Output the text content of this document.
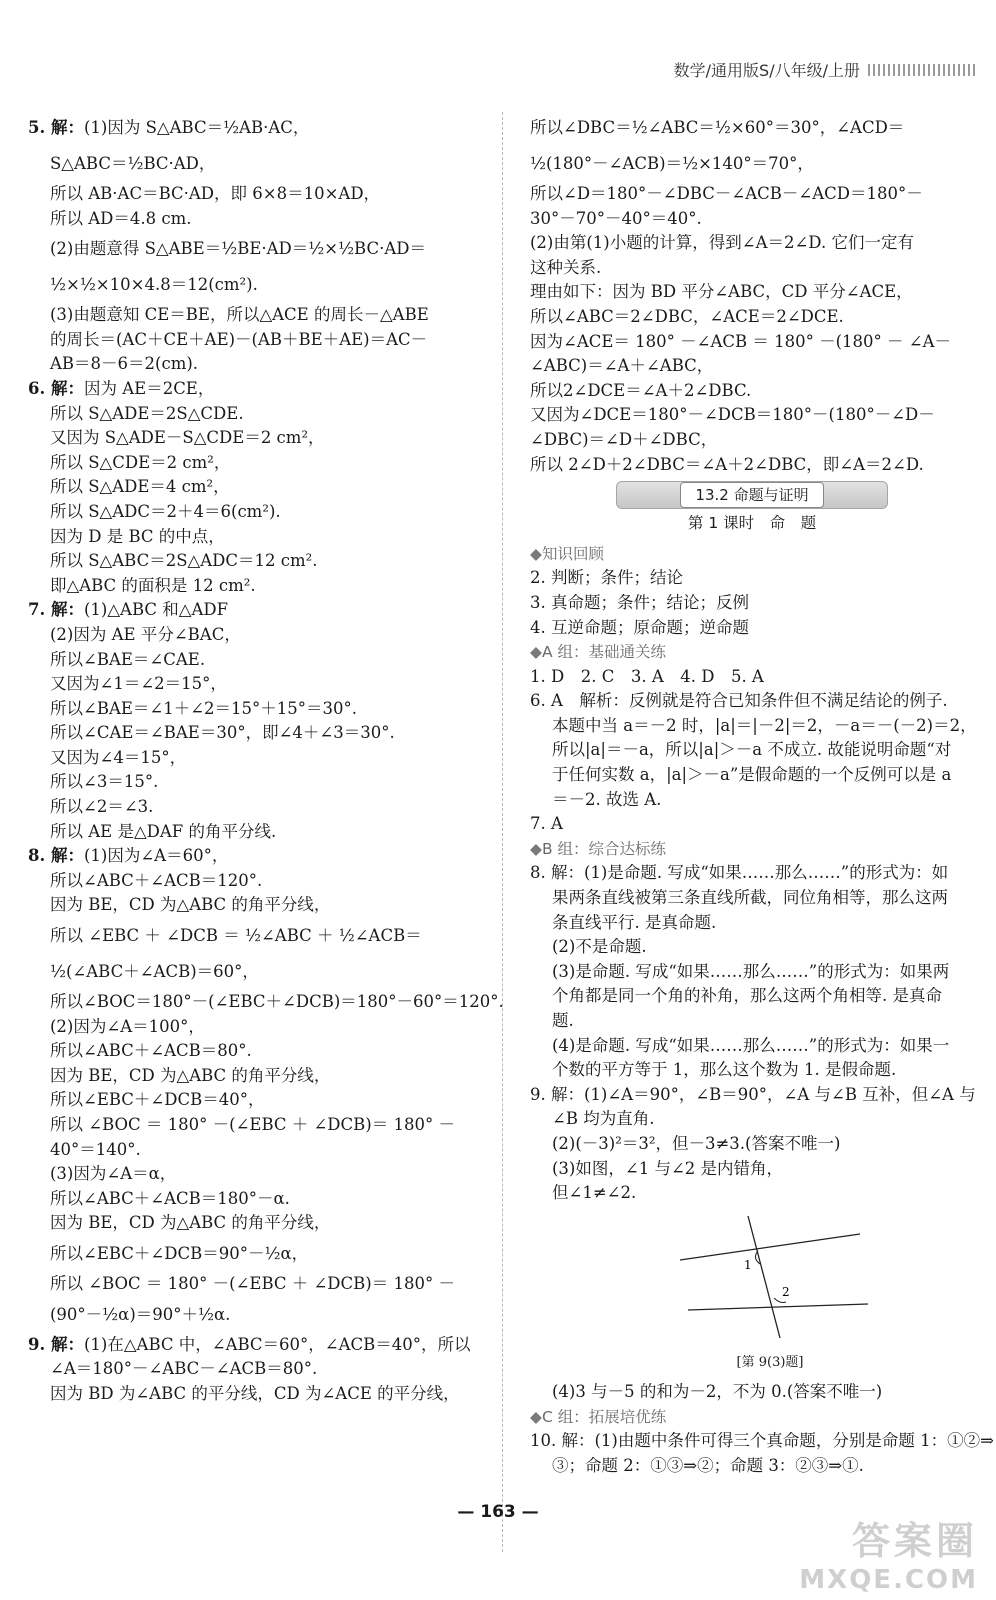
数学/通用版S/八年级/上册
5. 解：(1)因为 S△ABC＝½AB·AC，
S△ABC＝½BC·AD，
所以 AB·AC＝BC·AD，即 6×8＝10×AD，
所以 AD＝4.8 cm.
(2)由题意得 S△ABE＝½BE·AD＝½×½BC·AD＝
½×½×10×4.8＝12(cm²).
(3)由题意知 CE＝BE，所以△ACE 的周长－△ABE
的周长＝(AC＋CE＋AE)－(AB＋BE＋AE)＝AC－
AB＝8－6＝2(cm).
6. 解：因为 AE＝2CE，
所以 S△ADE＝2S△CDE.
又因为 S△ADE－S△CDE＝2 cm²，
所以 S△CDE＝2 cm²，
所以 S△ADE＝4 cm²，
所以 S△ADC＝2＋4＝6(cm²).
因为 D 是 BC 的中点，
所以 S△ABC＝2S△ADC＝12 cm².
即△ABC 的面积是 12 cm².
7. 解：(1)△ABC 和△ADF
(2)因为 AE 平分∠BAC，
所以∠BAE＝∠CAE.
又因为∠1＝∠2＝15°，
所以∠BAE＝∠1＋∠2＝15°＋15°＝30°.
所以∠CAE＝∠BAE＝30°，即∠4＋∠3＝30°.
又因为∠4＝15°，
所以∠3＝15°.
所以∠2＝∠3.
所以 AE 是△DAF 的角平分线.
8. 解：(1)因为∠A＝60°，
所以∠ABC＋∠ACB＝120°.
因为 BE，CD 为△ABC 的角平分线，
所以 ∠EBC ＋ ∠DCB ＝ ½∠ABC ＋ ½∠ACB＝
½(∠ABC＋∠ACB)＝60°，
所以∠BOC＝180°－(∠EBC＋∠DCB)＝180°－60°＝120°.
(2)因为∠A＝100°，
所以∠ABC＋∠ACB＝80°.
因为 BE，CD 为△ABC 的角平分线，
所以∠EBC＋∠DCB＝40°，
所以 ∠BOC ＝ 180° －(∠EBC ＋ ∠DCB)＝ 180° －
40°＝140°.
(3)因为∠A＝α，
所以∠ABC＋∠ACB＝180°－α.
因为 BE，CD 为△ABC 的角平分线，
所以∠EBC＋∠DCB＝90°－½α，
所以 ∠BOC ＝ 180° －(∠EBC ＋ ∠DCB)＝ 180° －
(90°－½α)＝90°＋½α.
9. 解：(1)在△ABC 中，∠ABC＝60°，∠ACB＝40°，所以
∠A＝180°－∠ABC－∠ACB＝80°.
因为 BD 为∠ABC 的平分线，CD 为∠ACE 的平分线，
所以∠DBC＝½∠ABC＝½×60°＝30°，∠ACD＝
½(180°－∠ACB)＝½×140°＝70°，
所以∠D＝180°－∠DBC－∠ACB－∠ACD＝180°－
30°－70°－40°＝40°.
(2)由第(1)小题的计算，得到∠A＝2∠D. 它们一定有
这种关系.
理由如下：因为 BD 平分∠ABC，CD 平分∠ACE，
所以∠ABC＝2∠DBC，∠ACE＝2∠DCE.
因为∠ACE＝ 180° －∠ACB ＝ 180° －(180° － ∠A－
∠ABC)＝∠A＋∠ABC，
所以2∠DCE＝∠A＋2∠DBC.
又因为∠DCE＝180°－∠DCB＝180°－(180°－∠D－
∠DBC)＝∠D＋∠DBC，
所以 2∠D＋2∠DBC＝∠A＋2∠DBC，即∠A＝2∠D.
13.2 命题与证明
第 1 课时　命　题
◆知识回顾
2. 判断；条件；结论
3. 真命题；条件；结论；反例
4. 互逆命题；原命题；逆命题
◆A 组：基础通关练
1. D　2. C　3. A　4. D　5. A
6. A　解析：反例就是符合已知条件但不满足结论的例子.
本题中当 a＝－2 时，|a|＝|－2|＝2，－a＝－(－2)＝2，
所以|a|＝－a，所以|a|＞－a 不成立. 故能说明命题“对
于任何实数 a，|a|＞－a”是假命题的一个反例可以是 a
＝－2. 故选 A.
7. A
◆B 组：综合达标练
8. 解：(1)是命题. 写成“如果……那么……”的形式为：如
果两条直线被第三条直线所截，同位角相等，那么这两
条直线平行. 是真命题.
(2)不是命题.
(3)是命题. 写成“如果……那么……”的形式为：如果两
个角都是同一个角的补角，那么这两个角相等. 是真命
题.
(4)是命题. 写成“如果……那么……”的形式为：如果一
个数的平方等于 1，那么这个数为 1. 是假命题.
9. 解：(1)∠A＝90°，∠B＝90°，∠A 与∠B 互补，但∠A 与
∠B 均为直角.
(2)(－3)²＝3²，但－3≠3.(答案不唯一)
(3)如图，∠1 与∠2 是内错角，
但∠1≠∠2.
1
2
[第 9(3)题]
(4)3 与－5 的和为－2，不为 0.(答案不唯一)
◆C 组：拓展培优练
10. 解：(1)由题中条件可得三个真命题，分别是命题 1：①②⇒
③；命题 2：①③⇒②；命题 3：②③⇒①.
— 163 —
答案圈
MXQE.COM
